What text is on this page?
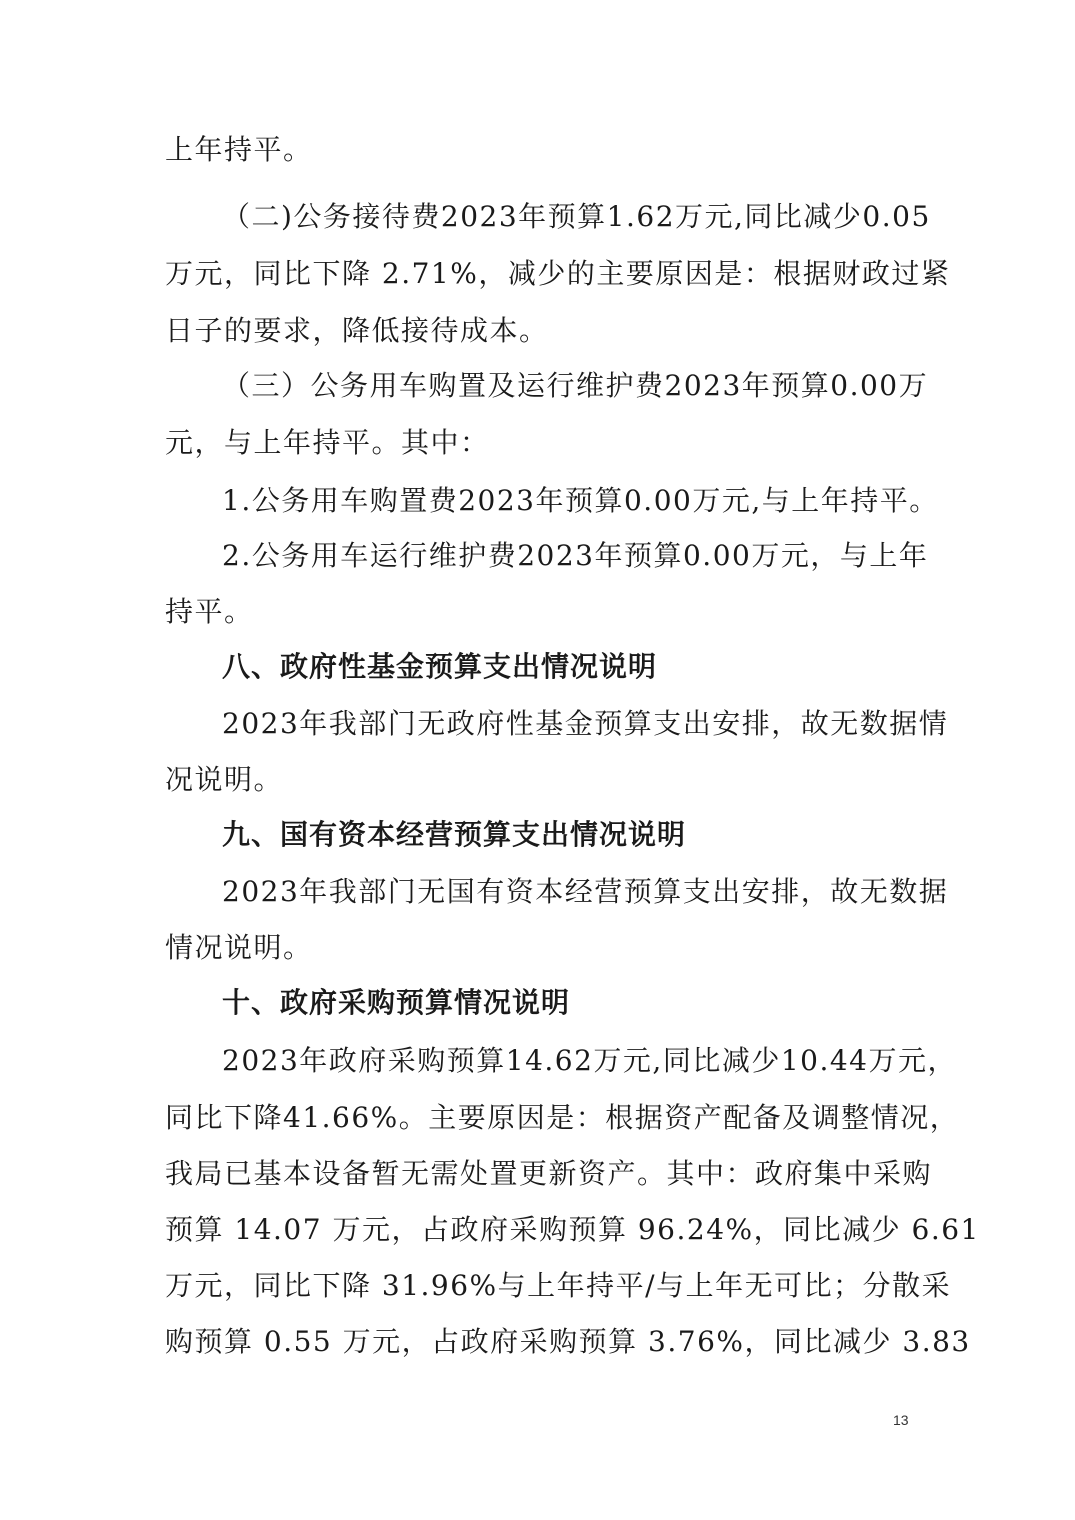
上年持平。
（二)公务接待费2023年预算1.62万元,同比减少0.05
万元，同比下降 2.71%，减少的主要原因是：根据财政过紧
日子的要求，降低接待成本。
（三）公务用车购置及运行维护费2023年预算0.00万
元，与上年持平。其中：
1.公务用车购置费2023年预算0.00万元,与上年持平。
2.公务用车运行维护费2023年预算0.00万元，与上年
持平。
八、政府性基金预算支出情况说明
2023年我部门无政府性基金预算支出安排，故无数据情
况说明。
九、国有资本经营预算支出情况说明
2023年我部门无国有资本经营预算支出安排，故无数据
情况说明。
十、政府采购预算情况说明
2023年政府采购预算14.62万元,同比减少10.44万元，
同比下降41.66%。主要原因是：根据资产配备及调整情况，
我局已基本设备暂无需处置更新资产。其中：政府集中采购
预算 14.07 万元，占政府采购预算 96.24%，同比减少 6.61
万元，同比下降 31.96%与上年持平/与上年无可比；分散采
购预算 0.55 万元，占政府采购预算 3.76%，同比减少 3.83
13
